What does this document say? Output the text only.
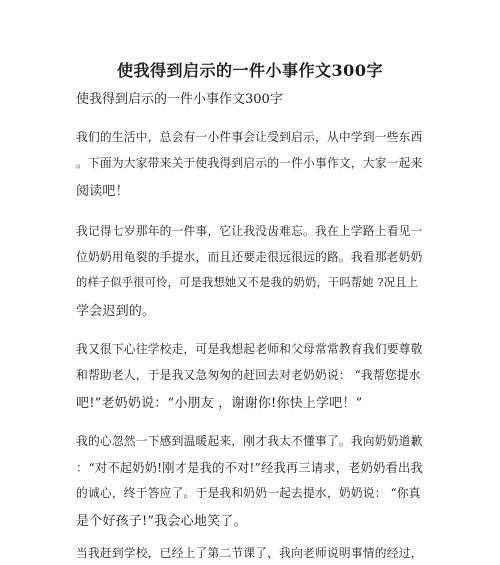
使我得到启示的一件小事作文300字
使我得到启示的一件小事作文300字
我们的生活中，总会有一小件事会让受到启示，从中学到一些东西
。下面为大家带来关于使我得到启示的一件小事作文，大家一起来
阅读吧！
我记得七岁那年的一件事，它让我没齿难忘。我在上学路上看见一
位奶奶用龟裂的手提水，而且还要走很远很远的路。我看那老奶奶
的样子似乎很可怜，可是我想她又不是我的奶奶，干吗帮她 ?况且上
学会迟到的。
我又很下心往学校走，可是我想起老师和父母常常教育我们要尊敬
和帮助老人，于是我又急匆匆的赶回去对老奶奶说： “我帮您提水
吧!”老奶奶说：“小朋友 ，谢谢你!你快上学吧！”
我的心忽然一下感到温暖起来，刚才我太不懂事了。我向奶奶道歉
：“对不起奶奶!刚才是我的不对!”经我再三请求，老奶奶看出我
的诚心，终于答应了。于是我和奶奶一起去提水，奶奶说： “你真
是个好孩子!”我会心地笑了。
当我赶到学校，已经上了第二节课了，我向老师说明事情的经过，
